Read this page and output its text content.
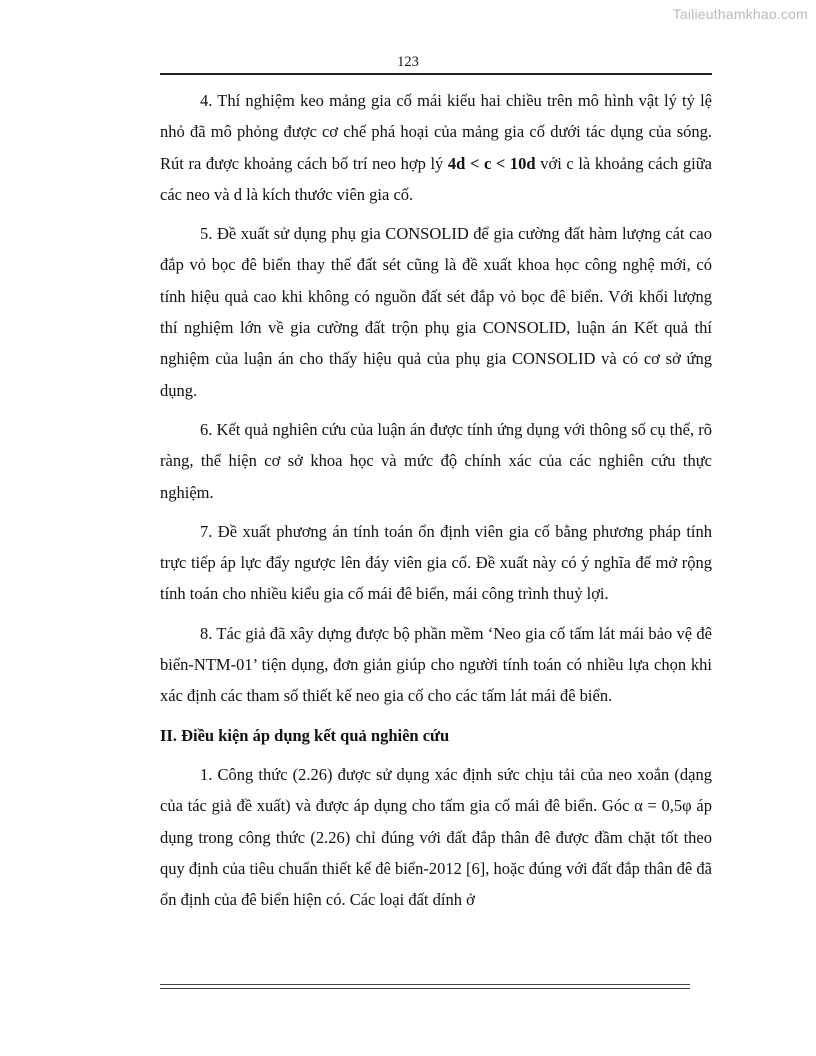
Tailieuthamkhao.com
123

4. Thí nghiệm keo mảng gia cố mái kiểu hai chiều trên mô hình vật lý tỷ lệ nhỏ đã mô phỏng được cơ chế phá hoại của mảng gia cố dưới tác dụng của sóng. Rút ra được khoảng cách bố trí neo hợp lý 4d < c < 10d với c là khoảng cách giữa các neo và d là kích thước viên gia cố.

5. Đề xuất sử dụng phụ gia CONSOLID để gia cường đất hàm lượng cát cao đắp vỏ bọc đê biển thay thế đất sét cũng là đề xuất khoa học công nghệ mới, có tính hiệu quả cao khi không có nguồn đất sét đắp vỏ bọc đê biển. Với khối lượng thí nghiệm lớn về gia cường đất trộn phụ gia CONSOLID, luận án Kết quả thí nghiệm của luận án cho thấy hiệu quả của phụ gia CONSOLID và có cơ sở ứng dụng.

6. Kết quả nghiên cứu của luận án được tính ứng dụng với thông số cụ thể, rõ ràng, thể hiện cơ sở khoa học và mức độ chính xác của các nghiên cứu thực nghiệm.

7. Đề xuất phương án tính toán ổn định viên gia cố bằng phương pháp tính trực tiếp áp lực đẩy ngược lên đáy viên gia cố. Đề xuất này có ý nghĩa để mở rộng tính toán cho nhiều kiểu gia cố mái đê biển, mái công trình thuỷ lợi.

8. Tác giả đã xây dựng được bộ phần mềm ‘Neo gia cố tấm lát mái bảo vệ đê biển-NTM-01’ tiện dụng, đơn giản giúp cho người tính toán có nhiều lựa chọn khi xác định các tham số thiết kế neo gia cố cho các tấm lát mái đê biển.

II. Điều kiện áp dụng kết quả nghiên cứu

1. Công thức (2.26) được sử dụng xác định sức chịu tải của neo xoắn (dạng của tác giả đề xuất) và được áp dụng cho tấm gia cố mái đê biển. Góc α = 0,5φ áp dụng trong công thức (2.26) chỉ đúng với đất đắp thân đê được đầm chặt tốt theo quy định của tiêu chuẩn thiết kế đê biển-2012 [6], hoặc đúng với đất đắp thân đê đã ổn định của đê biển hiện có. Các loại đất dính ở
